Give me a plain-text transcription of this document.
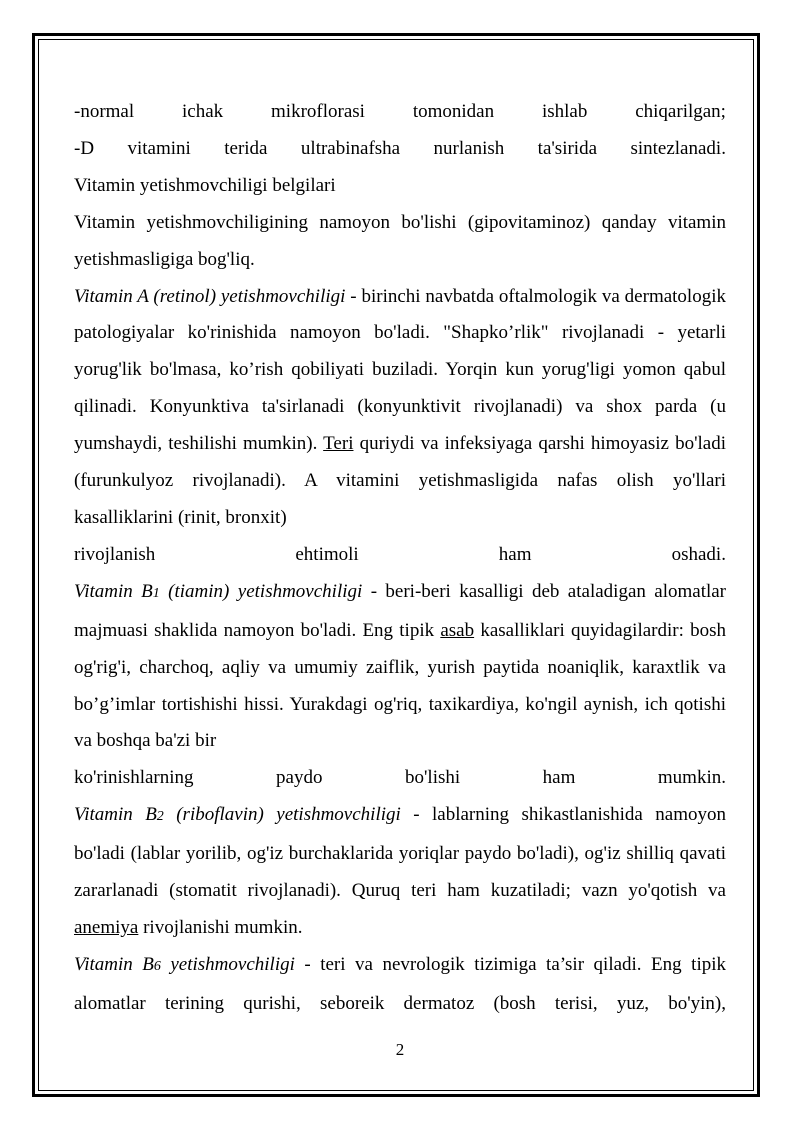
-normal	ichak	mikroflorasi	tomonidan	ishlab	chiqarilgan;
-D vitamini terida ultrabinafsha nurlanish ta'sirida sintezlanadi.
Vitamin yetishmovchiligi belgilari

Vitamin yetishmovchiligining namoyon bo'lishi (gipovitaminoz) qanday vitamin yetishmasligiga bog'liq.

Vitamin A (retinol) yetishmovchiligi - birinchi navbatda oftalmologik va dermatologik patologiyalar ko'rinishida namoyon bo'ladi. "Shapko’rlik" rivojlanadi - yetarli yorug'lik bo'lmasa, ko’rish qobiliyati buziladi. Yorqin kun yorug'ligi yomon qabul qilinadi. Konyunktiva ta'sirlanadi (konyunktivit rivojlanadi) va shox parda (u yumshaydi, teshilishi mumkin). Teri quriydi va infeksiyaga qarshi himoyasiz bo'ladi (furunkulyoz rivojlanadi). A vitamini yetishmasligida nafas olish yo'llari kasalliklarini (rinit, bronxit)

rivojlanish	ehtimoli	ham	oshadi.

Vitamin B1 (tiamin) yetishmovchiligi - beri-beri kasalligi deb ataladigan alomatlar majmuasi shaklida namoyon bo'ladi. Eng tipik asab kasalliklari quyidagilardir: bosh og'rig'i, charchoq, aqliy va umumiy zaiflik, yurish paytida noaniqlik, karaxtlik va bo’g’imlar tortishishi hissi. Yurakdagi og'riq, taxikardiya, ko'ngil aynish, ich qotishi va boshqa ba'zi bir

ko'rinishlarning	paydo	bo'lishi	ham	mumkin.

Vitamin B2 (riboflavin) yetishmovchiligi - lablarning shikastlanishida namoyon bo'ladi (lablar yorilib, og'iz burchaklarida yoriqlar paydo bo'ladi), og'iz shilliq qavati zararlanadi (stomatit rivojlanadi). Quruq teri ham kuzatiladi; vazn yo'qotish va anemiya rivojlanishi mumkin.

Vitamin B6 yetishmovchiligi - teri va nevrologik tizimiga ta’sir qiladi. Eng tipik alomatlar terining qurishi, seboreik dermatoz (bosh terisi, yuz, bo'yin),

2
